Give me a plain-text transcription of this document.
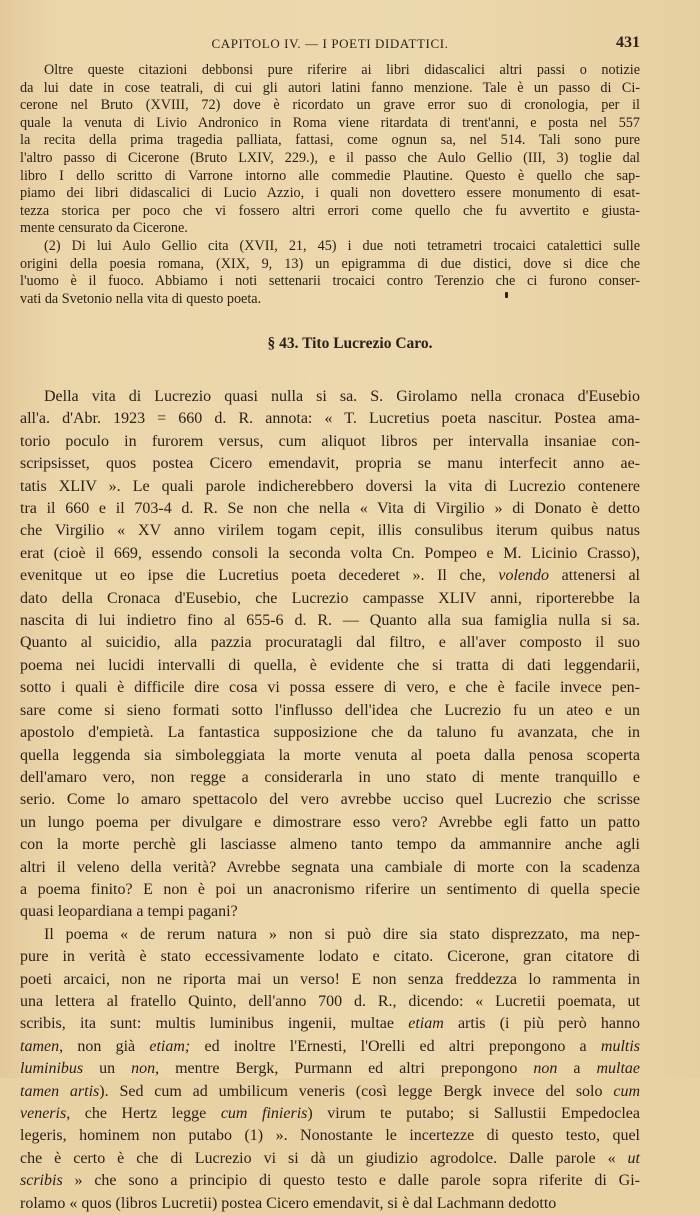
CAPITOLO IV. — I POETI DIDATTICI.	431
Oltre queste citazioni debbonsi pure riferire ai libri didascalici altri passi o notizie
da lui date in cose teatrali, di cui gli autori latini fanno menzione. Tale è un passo di Ci-
cerone nel Bruto (XVIII, 72) dove è ricordato un grave error suo di cronologia, per il
quale la venuta di Livio Andronico in Roma viene ritardata di trent'anni, e posta nel 557
la recita della prima tragedia palliata, fattasi, come ognun sa, nel 514. Tali sono pure
l'altro passo di Cicerone (Bruto LXIV, 229.), e il passo che Aulo Gellio (III, 3) toglie dal
libro I dello scritto di Varrone intorno alle commedie Plautine. Questo è quello che sap-
piamo dei libri didascalici di Lucio Azzio, i quali non dovettero essere monumento di esat-
tezza storica per poco che vi fossero altri errori come quello che fu avvertito e giusta-
mente censurato da Cicerone.
(2) Di lui Aulo Gellio cita (XVII, 21, 45) i due noti tetrametri trocaici catalettici sulle
origini della poesia romana, (XIX, 9, 13) un epigramma di due distici, dove si dice che
l'uomo è il fuoco. Abbiamo i noti settenarii trocaici contro Terenzio che ci furono conser-
vati da Svetonio nella vita di questo poeta.
§ 43. Tito Lucrezio Caro.
Della vita di Lucrezio quasi nulla si sa. S. Girolamo nella cronaca d'Eusebio
all'a. d'Abr. 1923 = 660 d. R. annota: « T. Lucretius poeta nascitur. Postea ama-
torio poculo in furorem versus, cum aliquot libros per intervalla insaniae con-
scripsisset, quos postea Cicero emendavit, propria se manu interfecit anno ae-
tatis XLIV ». Le quali parole indicherebbero doversi la vita di Lucrezio contenere
tra il 660 e il 703-4 d. R. Se non che nella « Vita di Virgilio » di Donato è detto
che Virgilio « XV anno virilem togam cepit, illis consulibus iterum quibus natus
erat (cioè il 669, essendo consoli la seconda volta Cn. Pompeo e M. Licinio Crasso),
evenitque ut eo ipse die Lucretius poeta decederet ». Il che, volendo attenersi al
dato della Cronaca d'Eusebio, che Lucrezio campasse XLIV anni, riporterebbe la
nascita di lui indietro fino al 655-6 d. R. — Quanto alla sua famiglia nulla si sa.
Quanto al suicidio, alla pazzia procuratagli dal filtro, e all'aver composto il suo
poema nei lucidi intervalli di quella, è evidente che si tratta di dati leggendarii,
sotto i quali è difficile dire cosa vi possa essere di vero, e che è facile invece pen-
sare come si sieno formati sotto l'influsso dell'idea che Lucrezio fu un ateo e un
apostolo d'empietà. La fantastica supposizione che da taluno fu avanzata, che in
quella leggenda sia simboleggiata la morte venuta al poeta dalla penosa scoperta
dell'amaro vero, non regge a considerarla in uno stato di mente tranquillo e
serio. Come lo amaro spettacolo del vero avrebbe ucciso quel Lucrezio che scrisse
un lungo poema per divulgare e dimostrare esso vero? Avrebbe egli fatto un patto
con la morte perchè gli lasciasse almeno tanto tempo da ammannire anche agli
altri il veleno della verità? Avrebbe segnata una cambiale di morte con la scadenza
a poema finito? E non è poi un anacronismo riferire un sentimento di quella specie
quasi leopardiana a tempi pagani?
Il poema « de rerum natura » non si può dire sia stato disprezzato, ma nep-
pure in verità è stato eccessivamente lodato e citato. Cicerone, gran citatore di
poeti arcaici, non ne riporta mai un verso! E non senza freddezza lo rammenta in
una lettera al fratello Quinto, dell'anno 700 d. R., dicendo: « Lucretii poemata, ut
scribis, ita sunt: multis luminibus ingenii, multae etiam artis (i più però hanno
tamen, non già etiam; ed inoltre l'Ernesti, l'Orelli ed altri prepongono a multis
luminibus un non, mentre Bergk, Purmann ed altri prepongono non a multae
tamen artis). Sed cum ad umbilicum veneris (così legge Bergk invece del solo cum
veneris, che Hertz legge cum finieris) virum te putabo; si Sallustii Empedoclea
legeris, hominem non putabo (1) ». Nonostante le incertezze di questo testo, quel
che è certo è che di Lucrezio vi si dà un giudizio agrodolce. Dalle parole « ut
scribis » che sono a principio di questo testo e dalle parole sopra riferite di Gi-
rolamo « quos (libros Lucretii) postea Cicero emendavit, si è dal Lachmann dedotto
